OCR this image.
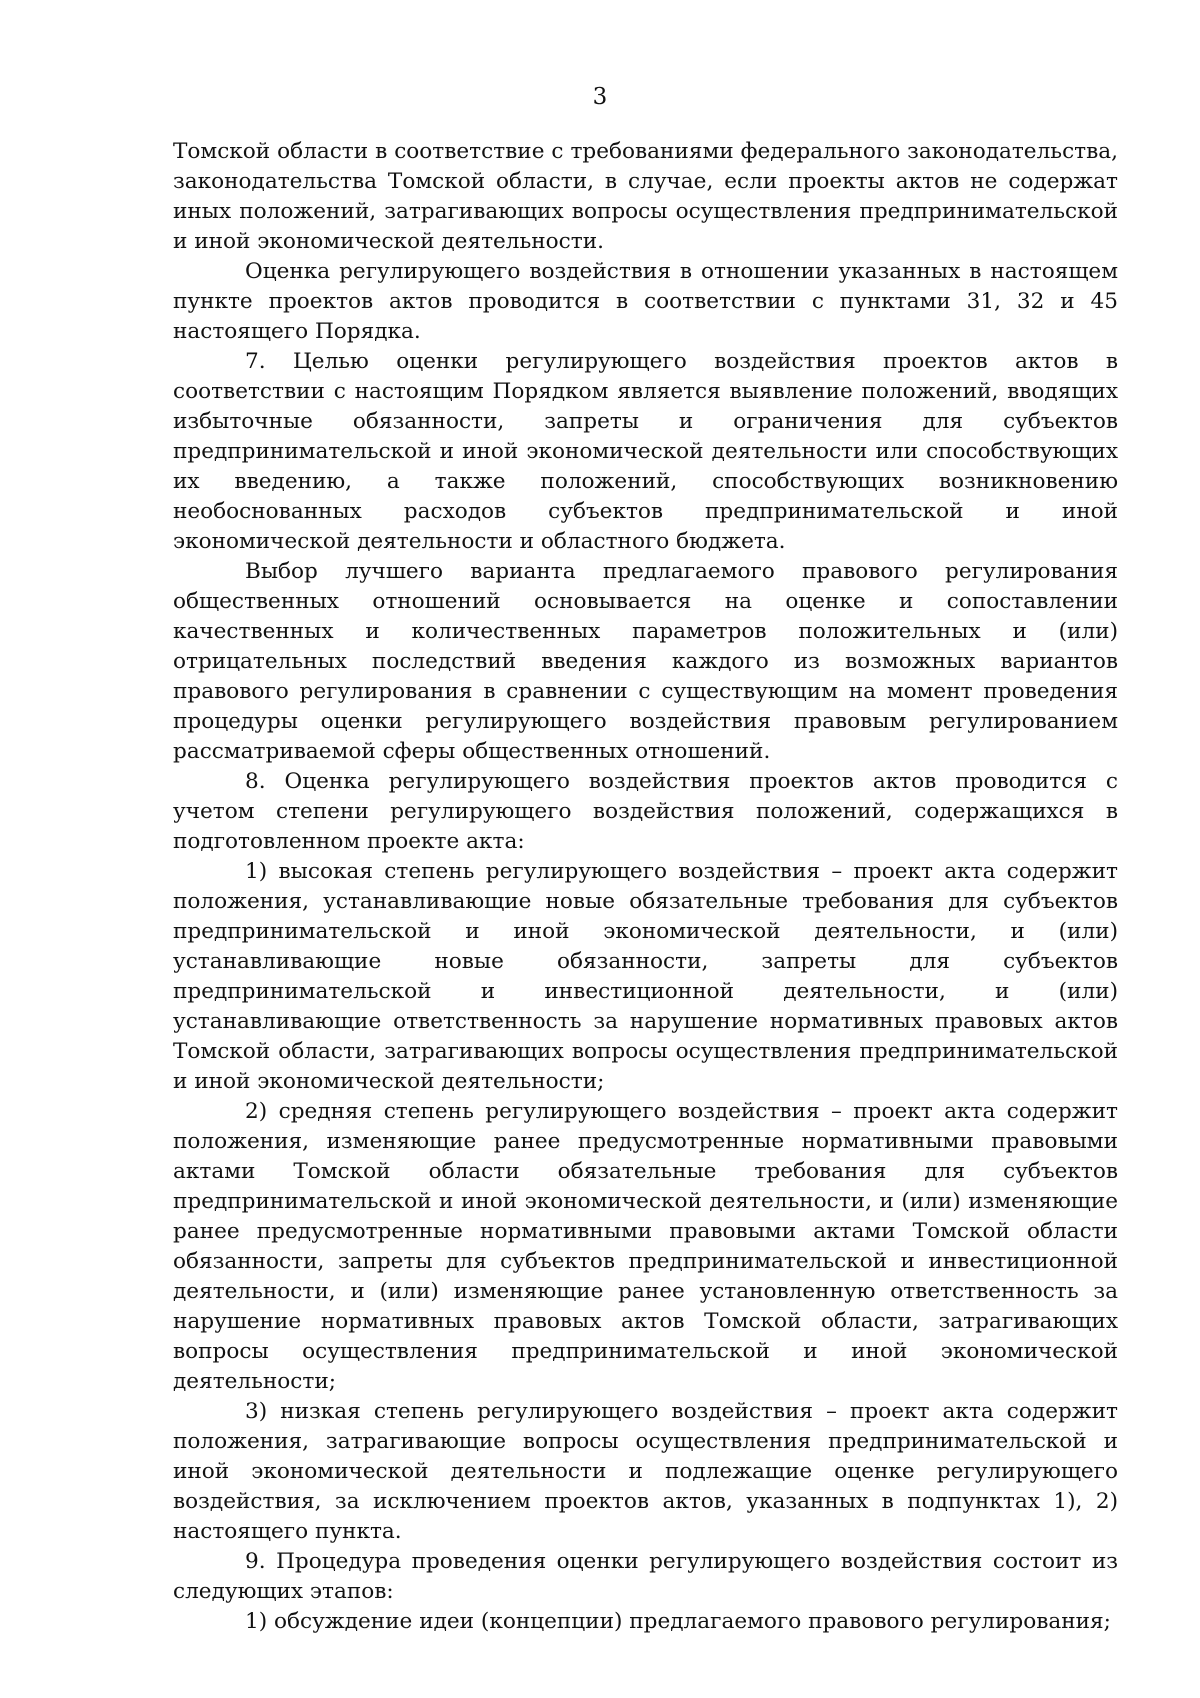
3

Томской области в соответствие с требованиями федерального законодательства, законодательства Томской области, в случае, если проекты актов не содержат иных положений, затрагивающих вопросы осуществления предпринимательской и иной экономической деятельности.

Оценка регулирующего воздействия в отношении указанных в настоящем пункте проектов актов проводится в соответствии с пунктами 31, 32 и 45 настоящего Порядка.

7. Целью оценки регулирующего воздействия проектов актов в соответствии с настоящим Порядком является выявление положений, вводящих избыточные обязанности, запреты и ограничения для субъектов предпринимательской и иной экономической деятельности или способствующих их введению, а также положений, способствующих возникновению необоснованных расходов субъектов предпринимательской и иной экономической деятельности и областного бюджета.

Выбор лучшего варианта предлагаемого правового регулирования общественных отношений основывается на оценке и сопоставлении качественных и количественных параметров положительных и (или) отрицательных последствий введения каждого из возможных вариантов правового регулирования в сравнении с существующим на момент проведения процедуры оценки регулирующего воздействия правовым регулированием рассматриваемой сферы общественных отношений.

8. Оценка регулирующего воздействия проектов актов проводится с учетом степени регулирующего воздействия положений, содержащихся в подготовленном проекте акта:

1) высокая степень регулирующего воздействия – проект акта содержит положения, устанавливающие новые обязательные требования для субъектов предпринимательской и иной экономической деятельности, и (или) устанавливающие новые обязанности, запреты для субъектов предпринимательской и инвестиционной деятельности, и (или) устанавливающие ответственность за нарушение нормативных правовых актов Томской области, затрагивающих вопросы осуществления предпринимательской и иной экономической деятельности;

2) средняя степень регулирующего воздействия – проект акта содержит положения, изменяющие ранее предусмотренные нормативными правовыми актами Томской области обязательные требования для субъектов предпринимательской и иной экономической деятельности, и (или) изменяющие ранее предусмотренные нормативными правовыми актами Томской области обязанности, запреты для субъектов предпринимательской и инвестиционной деятельности, и (или) изменяющие ранее установленную ответственность за нарушение нормативных правовых актов Томской области, затрагивающих вопросы осуществления предпринимательской и иной экономической деятельности;

3) низкая степень регулирующего воздействия – проект акта содержит положения, затрагивающие вопросы осуществления предпринимательской и иной экономической деятельности и подлежащие оценке регулирующего воздействия, за исключением проектов актов, указанных в подпунктах 1), 2) настоящего пункта.

9. Процедура проведения оценки регулирующего воздействия состоит из следующих этапов:

1) обсуждение идеи (концепции) предлагаемого правового регулирования;
